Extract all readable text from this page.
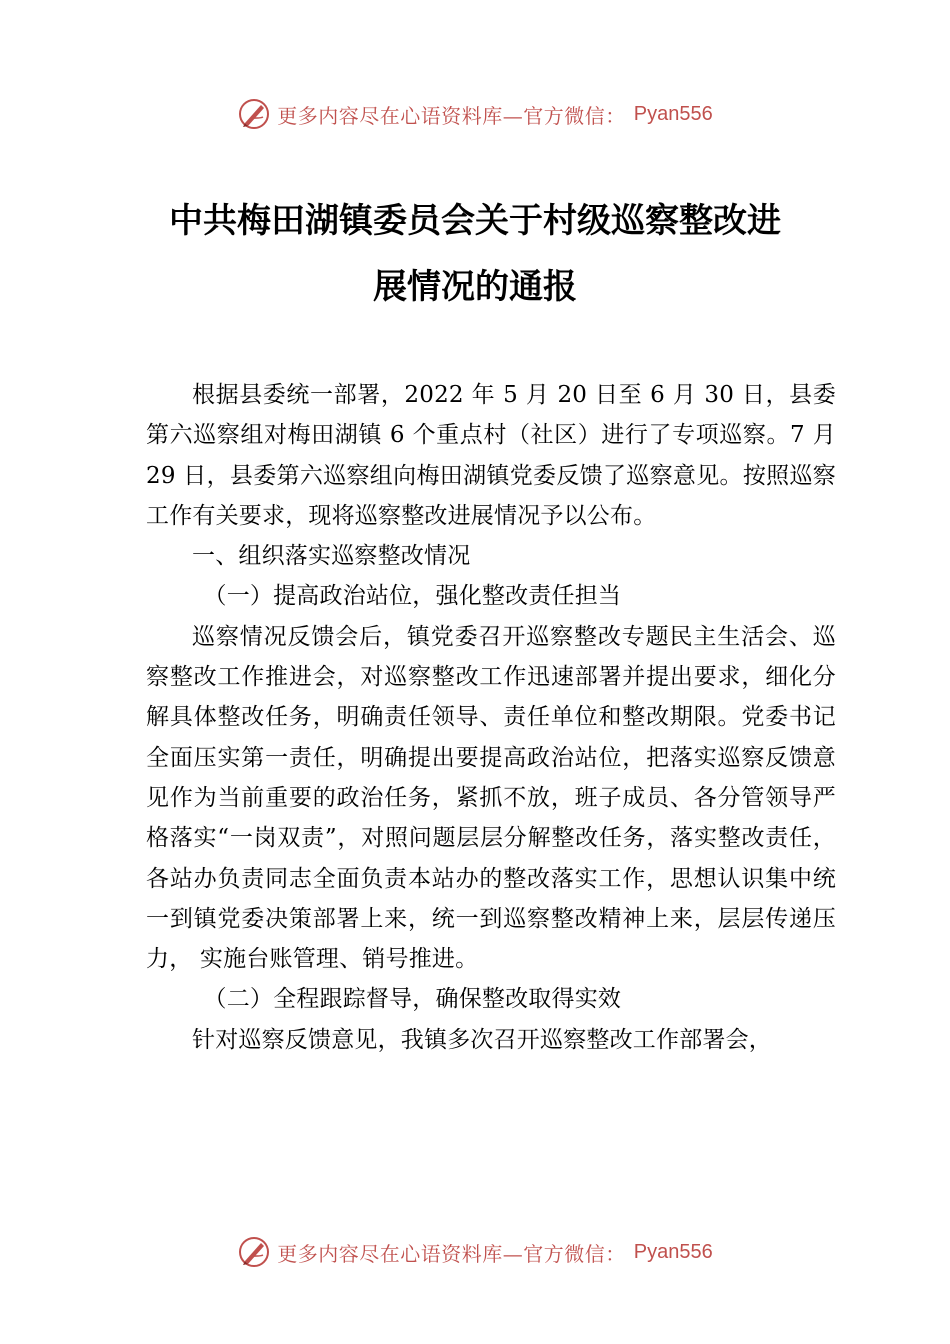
更多内容尽在心语资料库—官方微信： Pyan556
中共梅田湖镇委员会关于村级巡察整改进
展情况的通报

根据县委统一部署，2022 年 5 月 20 日至 6 月 30 日，县委第六巡察组对梅田湖镇 6 个重点村（社区）进行了专项巡察。7 月 29 日，县委第六巡察组向梅田湖镇党委反馈了巡察意见。按照巡察工作有关要求，现将巡察整改进展情况予以公布。

一、组织落实巡察整改情况

（一）提高政治站位，强化整改责任担当

巡察情况反馈会后，镇党委召开巡察整改专题民主生活会、巡察整改工作推进会，对巡察整改工作迅速部署并提出要求，细化分解具体整改任务，明确责任领导、责任单位和整改期限。党委书记全面压实第一责任，明确提出要提高政治站位，把落实巡察反馈意见作为当前重要的政治任务，紧抓不放，班子成员、各分管领导严格落实“一岗双责”，对照问题层层分解整改任务，落实整改责任，各站办负责同志全面负责本站办的整改落实工作，思想认识集中统一到镇党委决策部署上来，统一到巡察整改精神上来，层层传递压力， 实施台账管理、销号推进。

（二）全程跟踪督导，确保整改取得实效

针对巡察反馈意见，我镇多次召开巡察整改工作部署会，

更多内容尽在心语资料库—官方微信： Pyan556
